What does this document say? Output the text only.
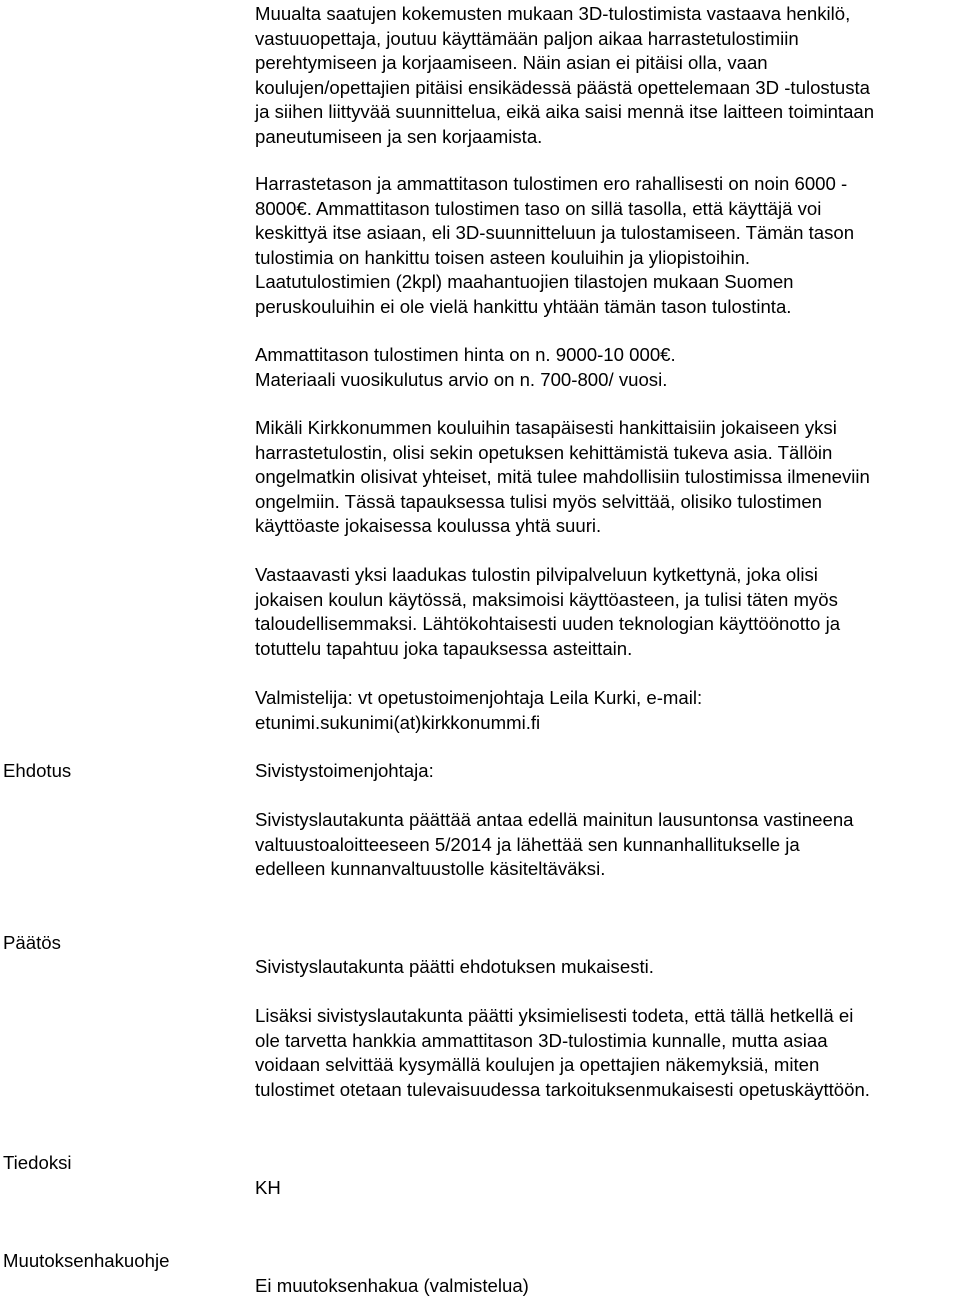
Muualta saatujen kokemusten mukaan 3D-tulostimista vastaava henkilö,
vastuuopettaja, joutuu käyttämään paljon aikaa harrastetulostimiin
perehtymiseen ja korjaamiseen. Näin asian ei pitäisi olla, vaan
koulujen/opettajien pitäisi ensikädessä päästä opettelemaan 3D -tulostusta
ja siihen liittyvää suunnittelua, eikä aika saisi mennä itse laitteen toimintaan
paneutumiseen ja sen korjaamista.

Harrastetason ja ammattitason tulostimen ero rahallisesti on noin 6000 -
8000€. Ammattitason tulostimen taso on sillä tasolla, että käyttäjä voi
keskittyä itse asiaan, eli 3D-suunnitteluun ja tulostamiseen. Tämän tason
tulostimia on hankittu toisen asteen kouluihin ja yliopistoihin.
Laatutulostimien (2kpl) maahantuojien tilastojen mukaan Suomen
peruskouluihin ei ole vielä hankittu yhtään tämän tason tulostinta.

Ammattitason tulostimen hinta on n. 9000-10 000€.
Materiaali vuosikulutus arvio on n. 700-800/ vuosi.

Mikäli Kirkkonummen kouluihin tasapäisesti hankittaisiin jokaiseen yksi
harrastetulostin, olisi sekin opetuksen kehittämistä tukeva asia. Tällöin
ongelmatkin olisivat yhteiset, mitä tulee mahdollisiin tulostimissa ilmeneviin
ongelmiin. Tässä tapauksessa tulisi myös selvittää, olisiko tulostimen
käyttöaste jokaisessa koulussa yhtä suuri.

Vastaavasti yksi laadukas tulostin pilvipalveluun kytkettynä, joka olisi
jokaisen koulun käytössä, maksimoisi käyttöasteen, ja tulisi täten myös
taloudellisemmaksi. Lähtökohtaisesti uuden teknologian käyttöönotto ja
totuttelu tapahtuu joka tapauksessa asteittain.

Valmistelija: vt opetustoimenjohtaja Leila Kurki, e-mail:
etunimi.sukunimi(at)kirkkonummi.fi

Ehdotus	Sivistystoimenjohtaja:

Sivistyslautakunta päättää antaa edellä mainitun lausuntonsa vastineena
valtuustoaloitteeseen 5/2014 ja lähettää sen kunnanhallitukselle ja
edelleen kunnanvaltuustolle käsiteltäväksi.

Päätös

Sivistyslautakunta päätti ehdotuksen mukaisesti.

Lisäksi sivistyslautakunta päätti yksimielisesti todeta, että tällä hetkellä ei
ole tarvetta hankkia ammattitason 3D-tulostimia kunnalle, mutta asiaa
voidaan selvittää kysymällä koulujen ja opettajien näkemyksiä, miten
tulostimet otetaan tulevaisuudessa tarkoituksenmukaisesti opetuskäyttöön.

Tiedoksi

KH

Muutoksenhakuohje

Ei muutoksenhakua (valmistelua)
